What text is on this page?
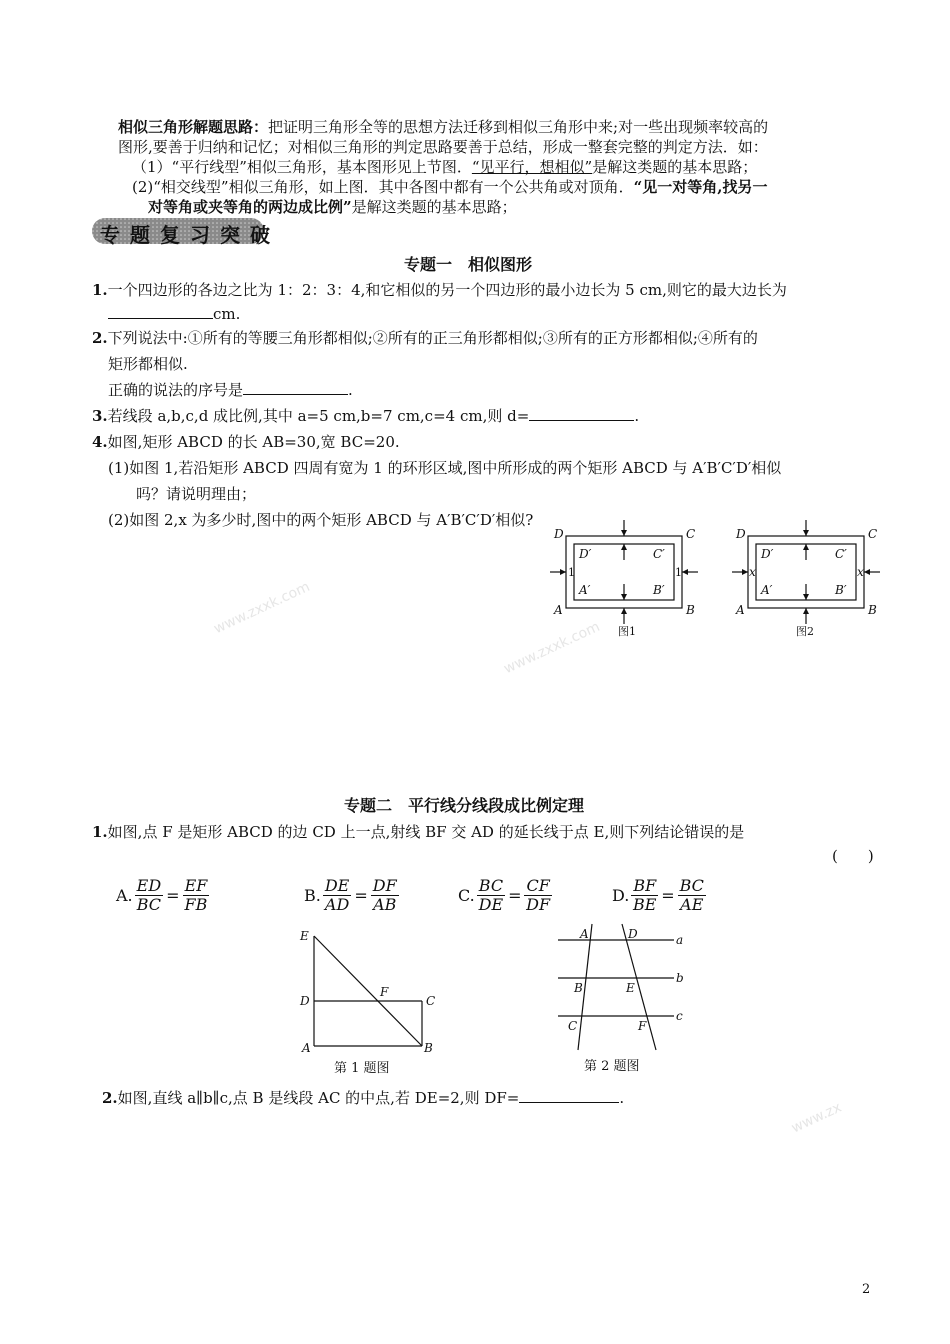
www.zxxk.com
www.zxxk.com
www.zx
相似三角形解题思路：把证明三角形全等的思想方法迁移到相似三角形中来;对一些出现频率较高的
图形,要善于归纳和记忆；对相似三角形的判定思路要善于总结，形成一整套完整的判定方法．如：
（1）“平行线型”相似三角形，基本图形见上节图．“见平行，想相似”是解这类题的基本思路；
(2)“相交线型”相似三角形，如上图．其中各图中都有一个公共角或对顶角．“见一对等角,找另一
对等角或夹等角的两边成比例”是解这类题的基本思路；
专题复习突破
专题一　相似图形
1.一个四边形的各边之比为 1：2：3：4,和它相似的另一个四边形的最小边长为 5 cm,则它的最大边长为
cm.
2.下列说法中:①所有的等腰三角形都相似;②所有的正三角形都相似;③所有的正方形都相似;④所有的
矩形都相似.
正确的说法的序号是	.
3.若线段 a,b,c,d 成比例,其中 a=5 cm,b=7 cm,c=4 cm,则 d=	.
4.如图,矩形 ABCD 的长 AB=30,宽 BC=20.
(1)如图 1,若沿矩形 ABCD 四周有宽为 1 的环形区域,图中所形成的两个矩形 ABCD 与 A′B′C′D′相似
吗？请说明理由；
(2)如图 2,x 为多少时,图中的两个矩形 ABCD 与 A′B′C′D′相似?
D	C
A	B
D′	C′
A′	B′
1	1
图1
D	C
A	B
D′	C′
A′	B′
x	x
图2
专题二　平行线分线段成比例定理
1.如图,点 F 是矩形 ABCD 的边 CD 上一点,射线 BF 交 AD 的延长线于点 E,则下列结论错误的是
(　　)
A. $\frac{ED}{BC} = \frac{EF}{FB}$	B. $\frac{DE}{AD} = \frac{DF}{AB}$	C. $\frac{BC}{DE} = \frac{CF}{DF}$	D. $\frac{BF}{BE} = \frac{BC}{AE}$
E
D
F
C
A	B
第 1 题图
A	D	a
B	E
b
C	F
c
第 2 题图
2.如图,直线 a∥b∥c,点 B 是线段 AC 的中点,若 DE=2,则 DF=	.
2
